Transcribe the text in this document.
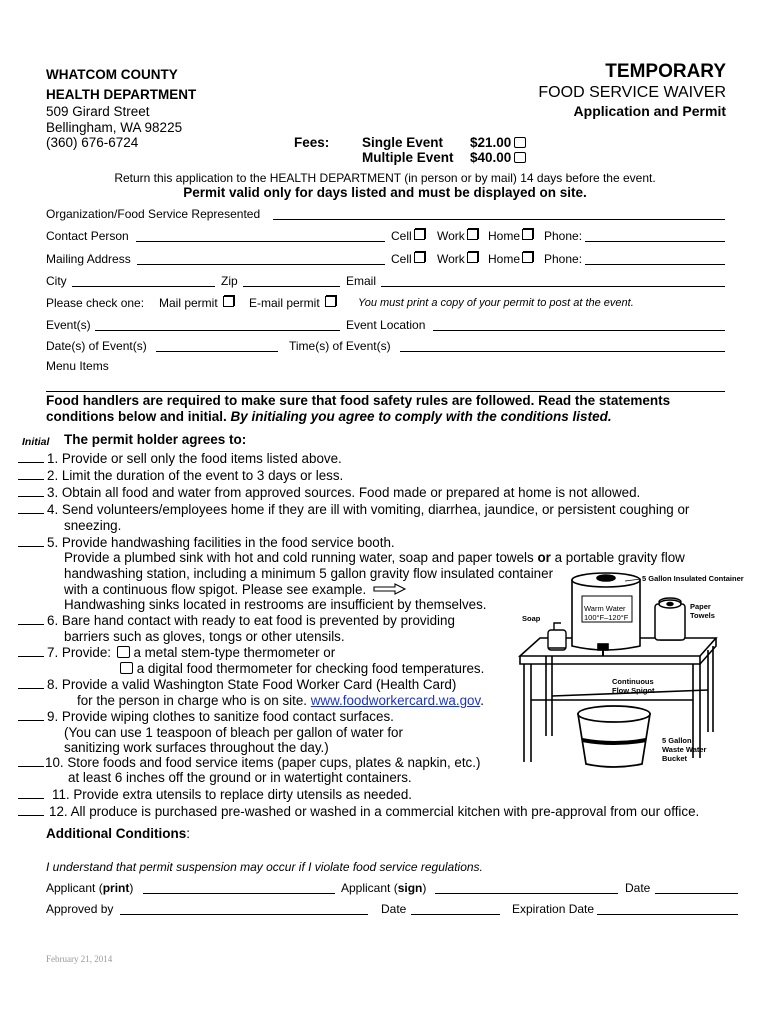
WHATCOM COUNTY
HEALTH DEPARTMENT
509 Girard Street
Bellingham, WA 98225
(360) 676-6724
TEMPORARY
FOOD SERVICE WAIVER
Application and Permit
Fees: Single Event $21.00
Multiple Event $40.00
Return this application to the HEALTH DEPARTMENT (in person or by mail) 14 days before the event.
Permit valid only for days listed and must be displayed on site.
Organization/Food Service Represented
Contact Person	Cell	Work	Home	Phone:
Mailing Address	Cell	Work	Home	Phone:
City	Zip	Email
Please check one: Mail permit	E-mail permit	You must print a copy of your permit to post at the event.
Event(s)	Event Location
Date(s) of Event(s)	Time(s) of Event(s)
Menu Items
Food handlers are required to make sure that food safety rules are followed. Read the statements
conditions below and initial. By initialing you agree to comply with the conditions listed.
Initial The permit holder agrees to:
1. Provide or sell only the food items listed above.
2. Limit the duration of the event to 3 days or less.
3. Obtain all food and water from approved sources. Food made or prepared at home is not allowed.
4. Send volunteers/employees home if they are ill with vomiting, diarrhea, jaundice, or persistent coughing or
sneezing.
5. Provide handwashing facilities in the food service booth.
Provide a plumbed sink with hot and cold running water, soap and paper towels or a portable gravity flow
handwashing station, including a minimum 5 gallon gravity flow insulated container
with a continuous flow spigot. Please see example.
Handwashing sinks located in restrooms are insufficient by themselves.
6. Bare hand contact with ready to eat food is prevented by providing
barriers such as gloves, tongs or other utensils.
7. Provide: a metal stem-type thermometer or
a digital food thermometer for checking food temperatures.
8. Provide a valid Washington State Food Worker Card (Health Card)
for the person in charge who is on site. www.foodworkercard.wa.gov.
9. Provide wiping clothes to sanitize food contact surfaces.
(You can use 1 teaspoon of bleach per gallon of water for
sanitizing work surfaces throughout the day.)
10. Store foods and food service items (paper cups, plates & napkin, etc.)
at least 6 inches off the ground or in watertight containers.
11. Provide extra utensils to replace dirty utensils as needed.
12. All produce is purchased pre-washed or washed in a commercial kitchen with pre-approval from our office.
Additional Conditions:
5 Gallon Insulated Container
Paper Towels
Soap
Warm Water
100°F–120°F
Continuous Flow Spigot
5 Gallon Waste Water Bucket
I understand that permit suspension may occur if I violate food service regulations.
Applicant (print)	Applicant (sign)	Date
Approved by	Date	Expiration Date
February 21, 2014
